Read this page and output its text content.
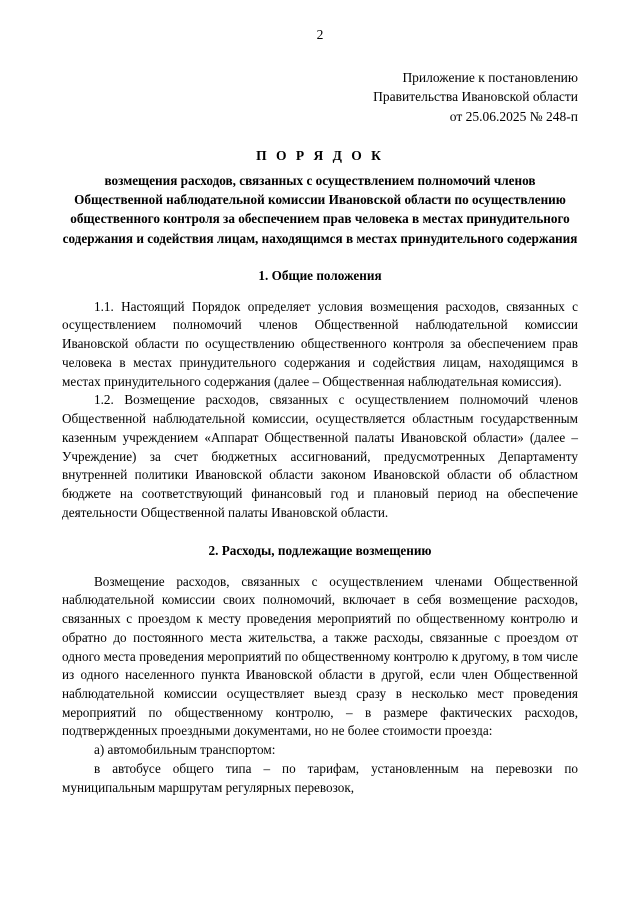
2
Приложение к постановлению
Правительства Ивановской области
от 25.06.2025 № 248-п
П О Р Я Д О К
возмещения расходов, связанных с осуществлением полномочий членов Общественной наблюдательной комиссии Ивановской области по осуществлению общественного контроля за обеспечением прав человека в местах принудительного содержания и содействия лицам, находящимся в местах принудительного содержания
1. Общие положения

1.1. Настоящий Порядок определяет условия возмещения расходов, связанных с осуществлением полномочий членов Общественной наблюдательной комиссии Ивановской области по осуществлению общественного контроля за обеспечением прав человека в местах принудительного содержания и содействия лицам, находящимся в местах принудительного содержания (далее – Общественная наблюдательная комиссия).

1.2. Возмещение расходов, связанных с осуществлением полномочий членов Общественной наблюдательной комиссии, осуществляется областным государственным казенным учреждением «Аппарат Общественной палаты Ивановской области» (далее – Учреждение) за счет бюджетных ассигнований, предусмотренных Департаменту внутренней политики Ивановской области законом Ивановской области об областном бюджете на соответствующий финансовый год и плановый период на обеспечение деятельности Общественной палаты Ивановской области.

2. Расходы, подлежащие возмещению

Возмещение расходов, связанных с осуществлением членами Общественной наблюдательной комиссии своих полномочий, включает в себя возмещение расходов, связанных с проездом к месту проведения мероприятий по общественному контролю и обратно до постоянного места жительства, а также расходы, связанные с проездом от одного места проведения мероприятий по общественному контролю к другому, в том числе из одного населенного пункта Ивановской области в другой, если член Общественной наблюдательной комиссии осуществляет выезд сразу в несколько мест проведения мероприятий по общественному контролю, – в размере фактических расходов, подтвержденных проездными документами, но не более стоимости проезда:

а) автомобильным транспортом:

в автобусе общего типа – по тарифам, установленным на перевозки по муниципальным маршрутам регулярных перевозок,
